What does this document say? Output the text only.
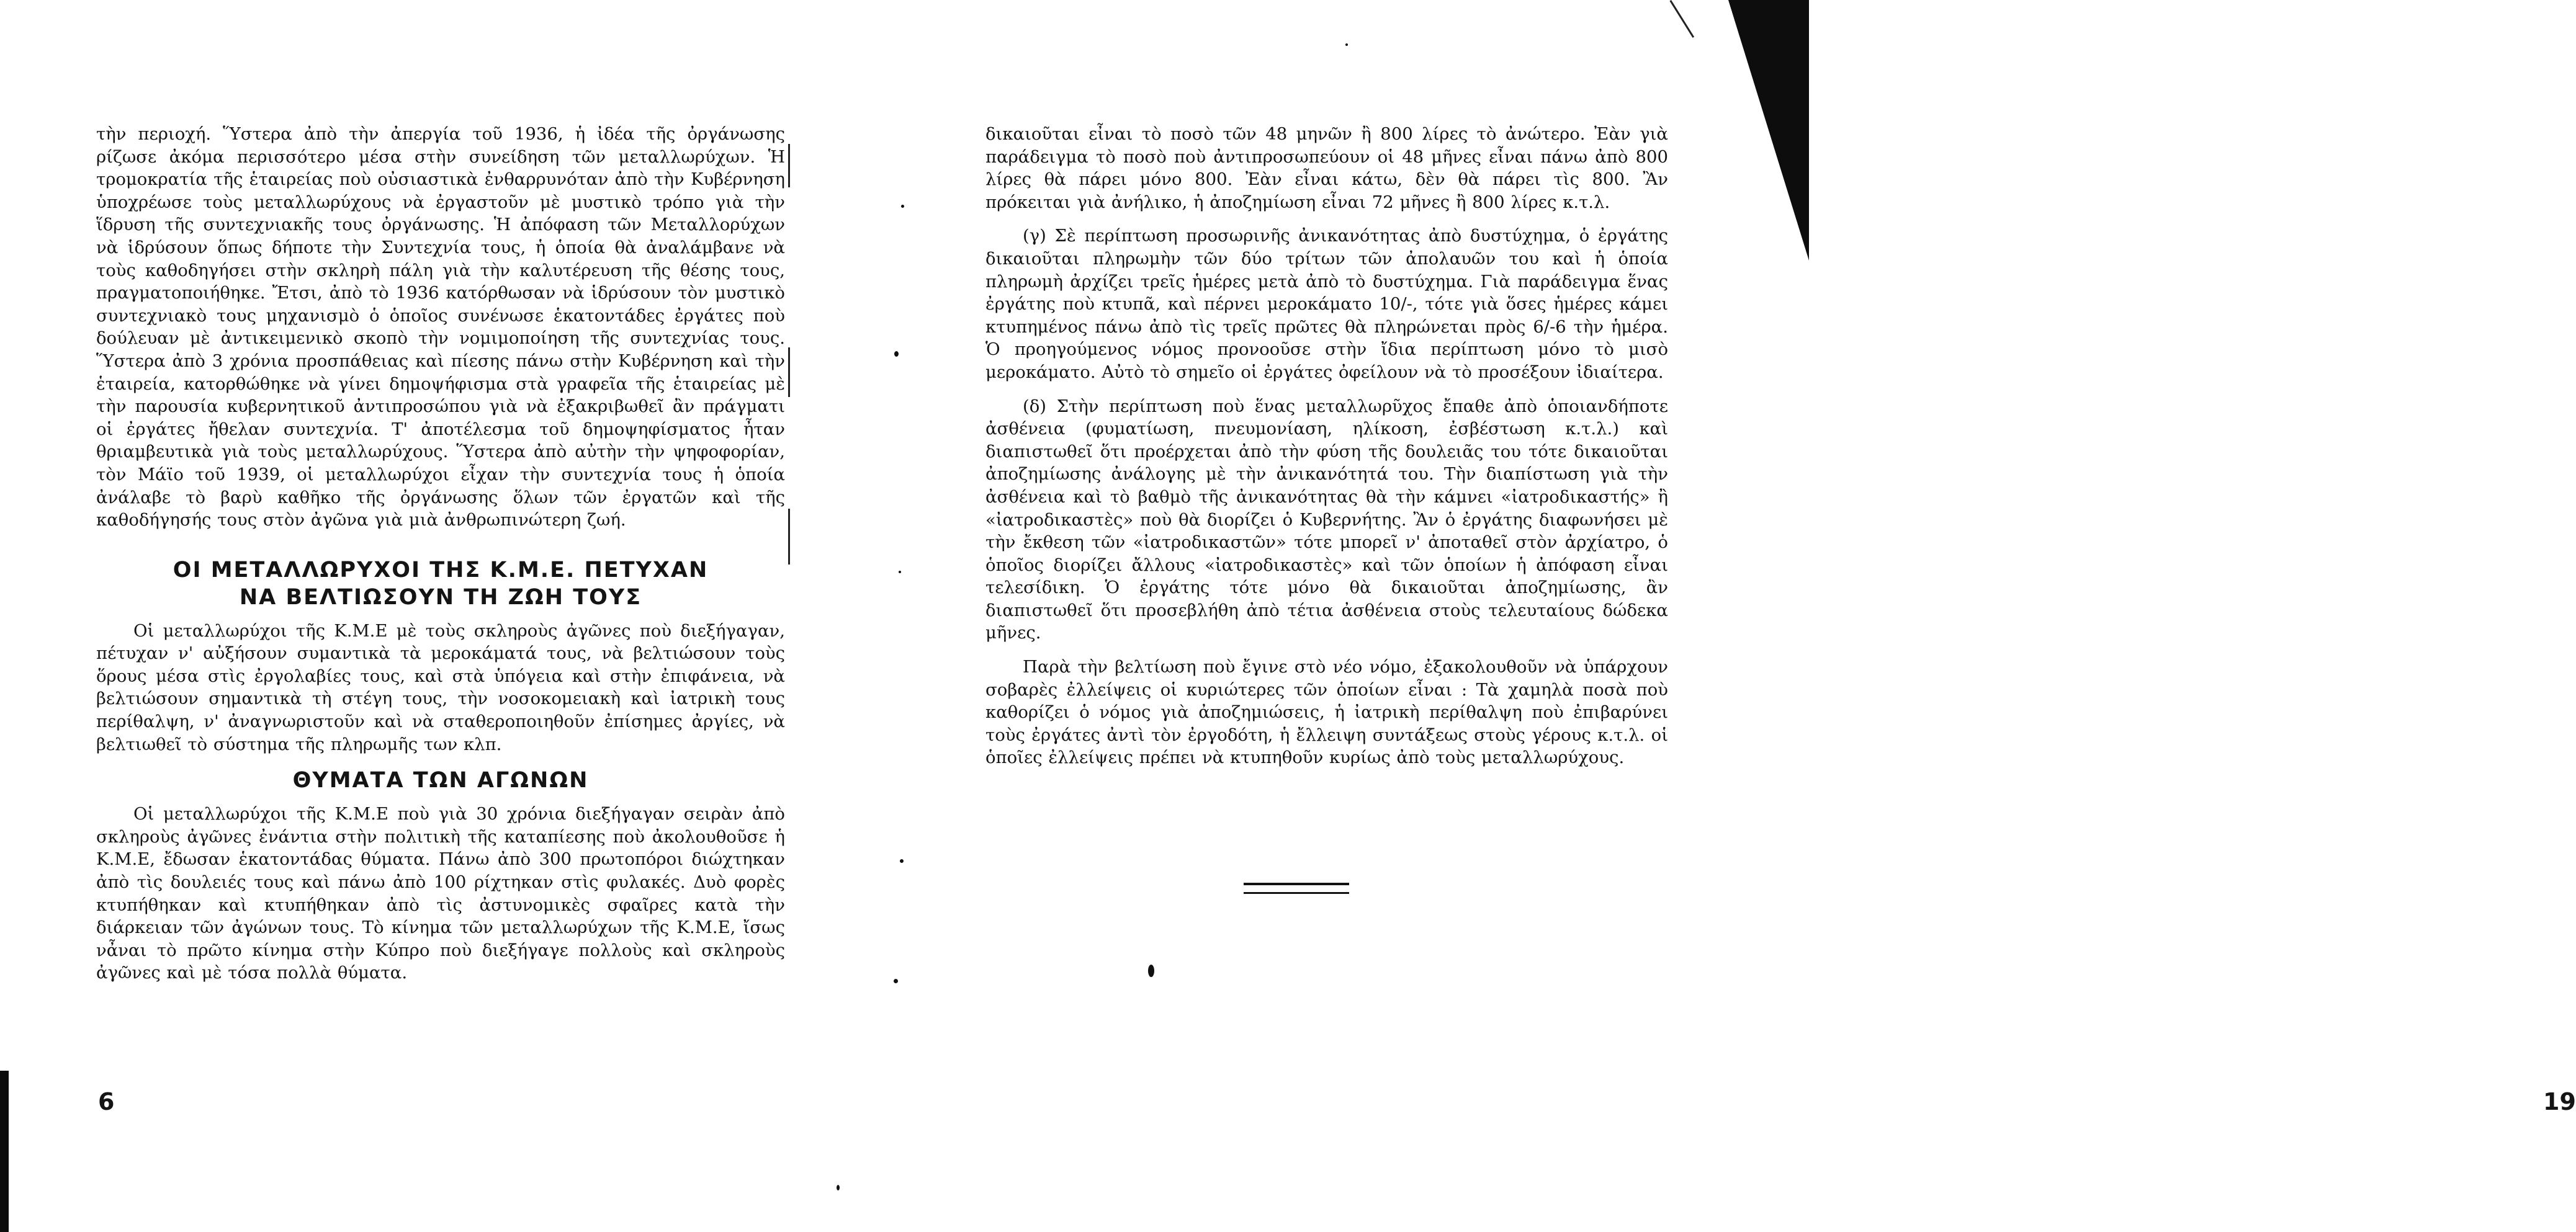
τὴν περιοχή. Ὕστερα ἀπὸ τὴν ἀπεργία τοῦ 1936, ἡ ἰδέα τῆς ὀργάνωσης ρίζωσε ἀκόμα περισσότερο μέσα στὴν συνείδηση τῶν μεταλλωρύχων. Ἡ τρομοκρατία τῆς ἑταιρείας ποὺ οὐσιαστικὰ ἐνθαρρυνόταν ἀπὸ τὴν Κυβέρνηση ὑποχρέωσε τοὺς μεταλλωρύχους νὰ ἐργαστοῦν μὲ μυστικὸ τρόπο γιὰ τὴν ἵδρυση τῆς συντεχνιακῆς τους ὀργάνωσης. Ἡ ἀπόφαση τῶν Μεταλλορύχων νὰ ἱδρύσουν ὅπως δήποτε τὴν Συντεχνία τους, ἡ ὁποία θὰ ἀναλάμβανε νὰ τοὺς καθοδηγήσει στὴν σκληρὴ πάλη γιὰ τὴν καλυτέρευση τῆς θέσης τους, πραγματοποιήθηκε. Ἔτσι, ἀπὸ τὸ 1936 κατόρθωσαν νὰ ἱδρύσουν τὸν μυστικὸ συντεχνιακὸ τους μηχανισμὸ ὁ ὁποῖος συνένωσε ἑκατοντάδες ἐργάτες ποὺ δούλευαν μὲ ἀντικειμενικὸ σκοπὸ τὴν νομιμοποίηση τῆς συντεχνίας τους. Ὕστερα ἀπὸ 3 χρόνια προσπάθειας καὶ πίεσης πάνω στὴν Κυβέρνηση καὶ τὴν ἑταιρεία, κατορθώθηκε νὰ γίνει δημοψήφισμα στὰ γραφεῖα τῆς ἑταιρείας μὲ τὴν παρουσία κυβερνητικοῦ ἀντιπροσώπου γιὰ νὰ ἐξακριβωθεῖ ἂν πράγματι οἱ ἐργάτες ἤθελαν συντεχνία. Τ' ἀποτέλεσμα τοῦ δημοψηφίσματος ἦταν θριαμβευτικὰ γιὰ τοὺς μεταλλωρύχους. Ὕστερα ἀπὸ αὐτὴν τὴν ψηφοφορίαν, τὸν Μάϊο τοῦ 1939, οἱ μεταλλωρύχοι εἶχαν τὴν συντεχνία τους ἡ ὁποία ἀνάλαβε τὸ βαρὺ καθῆκο τῆς ὀργάνωσης ὅλων τῶν ἐργατῶν καὶ τῆς καθοδήγησής τους στὸν ἀγῶνα γιὰ μιὰ ἀνθρωπινώτερη ζωή.

ΟΙ ΜΕΤΑΛΛΩΡΥΧΟΙ ΤΗΣ Κ.Μ.Ε. ΠΕΤΥΧΑΝ
ΝΑ ΒΕΛΤΙΩΣΟΥΝ ΤΗ ΖΩΗ ΤΟΥΣ

Οἱ μεταλλωρύχοι τῆς Κ.Μ.Ε μὲ τοὺς σκληροὺς ἀγῶνες ποὺ διεξήγαγαν, πέτυχαν ν' αὐξήσουν συμαντικὰ τὰ μεροκάματά τους, νὰ βελτιώσουν τοὺς ὅρους μέσα στὶς ἐργολαβίες τους, καὶ στὰ ὑπόγεια καὶ στὴν ἐπιφάνεια, νὰ βελτιώσουν σημαντικὰ τὴ στέγη τους, τὴν νοσοκομειακὴ καὶ ἰατρικὴ τους περίθαλψη, ν' ἀναγνωριστοῦν καὶ νὰ σταθεροποιηθοῦν ἐπίσημες ἀργίες, νὰ βελτιωθεῖ τὸ σύστημα τῆς πληρωμῆς των κλπ.

ΘΥΜΑΤΑ ΤΩΝ ΑΓΩΝΩΝ

Οἱ μεταλλωρύχοι τῆς Κ.Μ.Ε ποὺ γιὰ 30 χρόνια διεξήγαγαν σειρὰν ἀπὸ σκληροὺς ἀγῶνες ἐνάντια στὴν πολιτικὴ τῆς καταπίεσης ποὺ ἀκολουθοῦσε ἡ Κ.Μ.Ε, ἔδωσαν ἑκατοντάδας θύματα. Πάνω ἀπὸ 300 πρωτοπόροι διώχτηκαν ἀπὸ τὶς δουλειές τους καὶ πάνω ἀπὸ 100 ρίχτηκαν στὶς φυλακές. Δυὸ φορὲς κτυπήθηκαν καὶ κτυπήθηκαν ἀπὸ τὶς ἀστυνομικὲς σφαῖρες κατὰ τὴν διάρκειαν τῶν ἀγώνων τους. Τὸ κίνημα τῶν μεταλλωρύχων τῆς Κ.Μ.Ε, ἴσως νἆναι τὸ πρῶτο κίνημα στὴν Κύπρο ποὺ διεξήγαγε πολλοὺς καὶ σκληροὺς ἀγῶνες καὶ μὲ τόσα πολλὰ θύματα.

6

δικαιοῦται εἶναι τὸ ποσὸ τῶν 48 μηνῶν ἢ 800 λίρες τὸ ἀνώτερο. Ἐὰν γιὰ παράδειγμα τὸ ποσὸ ποὺ ἀντιπροσωπεύουν οἱ 48 μῆνες εἶναι πάνω ἀπὸ 800 λίρες θὰ πάρει μόνο 800. Ἐὰν εἶναι κάτω, δὲν θὰ πάρει τὶς 800. Ἂν πρόκειται γιὰ ἀνήλικο, ἡ ἀποζημίωση εἶναι 72 μῆνες ἢ 800 λίρες κ.τ.λ.

(γ) Σὲ περίπτωση προσωρινῆς ἀνικανότητας ἀπὸ δυστύχημα, ὁ ἐργάτης δικαιοῦται πληρωμὴν τῶν δύο τρίτων τῶν ἀπολαυῶν του καὶ ἡ ὁποία πληρωμὴ ἀρχίζει τρεῖς ἡμέρες μετὰ ἀπὸ τὸ δυστύχημα. Γιὰ παράδειγμα ἕνας ἐργάτης ποὺ κτυπᾶ, καὶ πέρνει μεροκάματο 10/-, τότε γιὰ ὅσες ἡμέρες κάμει κτυπημένος πάνω ἀπὸ τὶς τρεῖς πρῶτες θὰ πληρώνεται πρὸς 6/-6 τὴν ἡμέρα. Ὁ προηγούμενος νόμος προνοοῦσε στὴν ἴδια περίπτωση μόνο τὸ μισὸ μεροκάματο. Αὐτὸ τὸ σημεῖο οἱ ἐργάτες ὀφείλουν νὰ τὸ προσέξουν ἰδιαίτερα.

(δ) Στὴν περίπτωση ποὺ ἕνας μεταλλωρῦχος ἔπαθε ἀπὸ ὁποιανδήποτε ἀσθένεια (φυματίωση, πνευμονίαση, ηλίκοση, ἐσβέστωση κ.τ.λ.) καὶ διαπιστωθεῖ ὅτι προέρχεται ἀπὸ τὴν φύση τῆς δουλειᾶς του τότε δικαιοῦται ἀποζημίωσης ἀνάλογης μὲ τὴν ἀνικανότητά του. Τὴν διαπίστωση γιὰ τὴν ἀσθένεια καὶ τὸ βαθμὸ τῆς ἀνικανότητας θὰ τὴν κάμνει «ἰατροδικαστής» ἢ «ἰατροδικαστὲς» ποὺ θὰ διορίζει ὁ Κυβερνήτης. Ἂν ὁ ἐργάτης διαφωνήσει μὲ τὴν ἔκθεση τῶν «ἰατροδικαστῶν» τότε μπορεῖ ν' ἀποταθεῖ στὸν ἀρχίατρο, ὁ ὁποῖος διορίζει ἄλλους «ἰατροδικαστὲς» καὶ τῶν ὁποίων ἡ ἀπόφαση εἶναι τελεσίδικη. Ὁ ἐργάτης τότε μόνο θὰ δικαιοῦται ἀποζημίωσης, ἂν διαπιστωθεῖ ὅτι προσεβλήθη ἀπὸ τέτια ἀσθένεια στοὺς τελευταίους δώδεκα μῆνες.

Παρὰ τὴν βελτίωση ποὺ ἔγινε στὸ νέο νόμο, ἐξακολουθοῦν νὰ ὑπάρχουν σοβαρὲς ἐλλείψεις οἱ κυριώτερες τῶν ὁποίων εἶναι : Τὰ χαμηλὰ ποσὰ ποὺ καθορίζει ὁ νόμος γιὰ ἀποζημιώσεις, ἡ ἰατρικὴ περίθαλψη ποὺ ἐπιβαρύνει τοὺς ἐργάτες ἀντὶ τὸν ἐργοδότη, ἡ ἔλλειψη συντάξεως στοὺς γέρους κ.τ.λ. οἱ ὁποῖες ἐλλείψεις πρέπει νὰ κτυπηθοῦν κυρίως ἀπὸ τοὺς μεταλλωρύχους.

19
